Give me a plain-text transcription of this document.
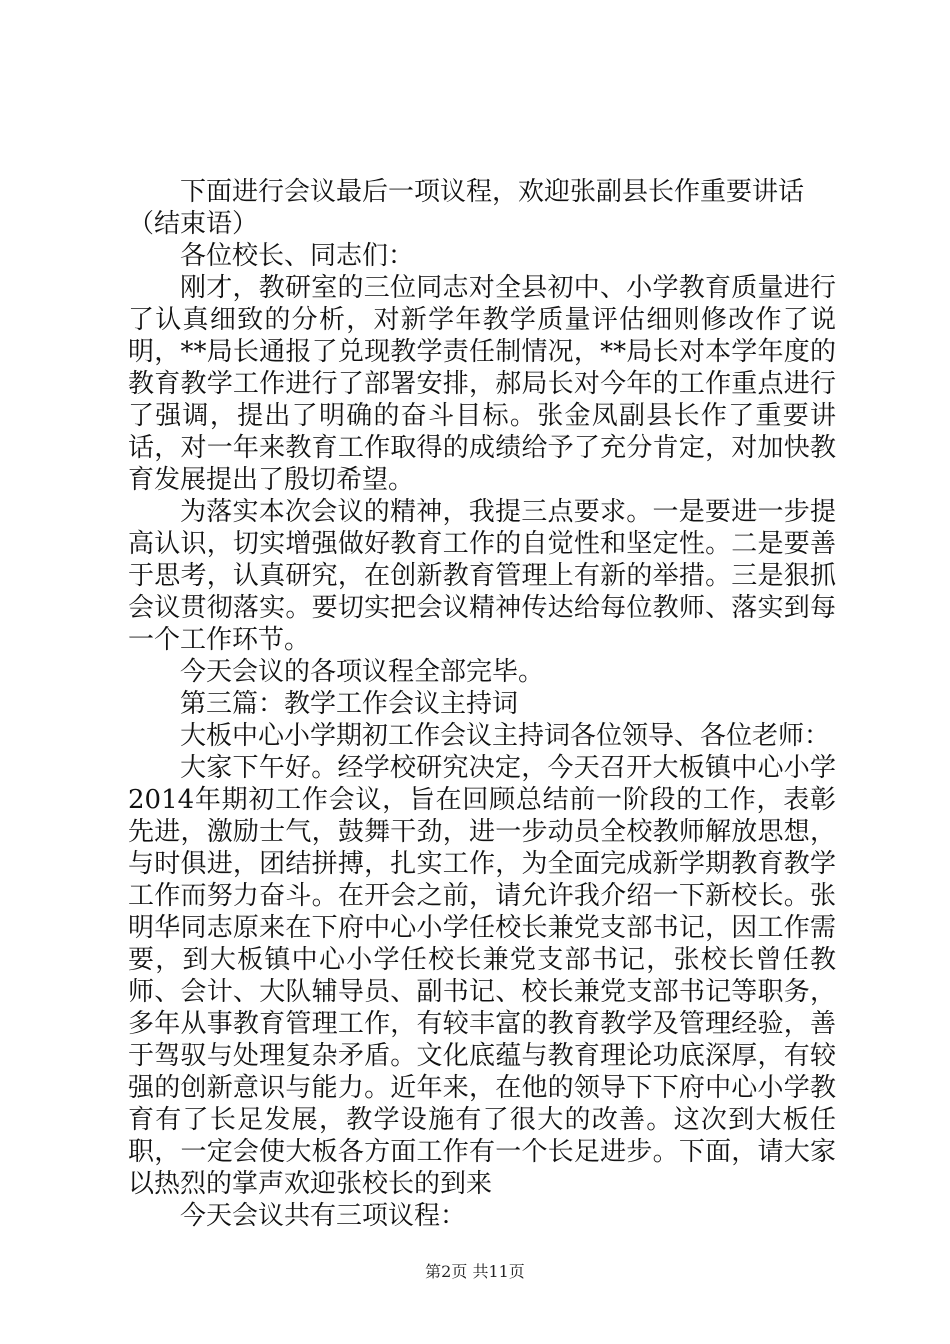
下面进行会议最后一项议程，欢迎张副县长作重要讲话

（结束语）

各位校长、同志们：

刚才，教研室的三位同志对全县初中、小学教育质量进行了认真细致的分析，对新学年教学质量评估细则修改作了说明，**局长通报了兑现教学责任制情况，**局长对本学年度的教育教学工作进行了部署安排，郝局长对今年的工作重点进行了强调，提出了明确的奋斗目标。张金凤副县长作了重要讲话，对一年来教育工作取得的成绩给予了充分肯定，对加快教育发展提出了殷切希望。

为落实本次会议的精神，我提三点要求。一是要进一步提高认识，切实增强做好教育工作的自觉性和坚定性。二是要善于思考，认真研究，在创新教育管理上有新的举措。三是狠抓会议贯彻落实。要切实把会议精神传达给每位教师、落实到每一个工作环节。

今天会议的各项议程全部完毕。

第三篇：教学工作会议主持词

大板中心小学期初工作会议主持词各位领导、各位老师：

大家下午好。经学校研究决定，今天召开大板镇中心小学2014年期初工作会议，旨在回顾总结前一阶段的工作，表彰先进，激励士气，鼓舞干劲，进一步动员全校教师解放思想，与时俱进，团结拼搏，扎实工作，为全面完成新学期教育教学工作而努力奋斗。在开会之前，请允许我介绍一下新校长。张明华同志原来在下府中心小学任校长兼党支部书记，因工作需要，到大板镇中心小学任校长兼党支部书记，张校长曾任教师、会计、大队辅导员、副书记、校长兼党支部书记等职务，多年从事教育管理工作，有较丰富的教育教学及管理经验，善于驾驭与处理复杂矛盾。文化底蕴与教育理论功底深厚，有较强的创新意识与能力。近年来，在他的领导下下府中心小学教育有了长足发展，教学设施有了很大的改善。这次到大板任职，一定会使大板各方面工作有一个长足进步。下面，请大家以热烈的掌声欢迎张校长的到来

今天会议共有三项议程：

第2页 共11页
